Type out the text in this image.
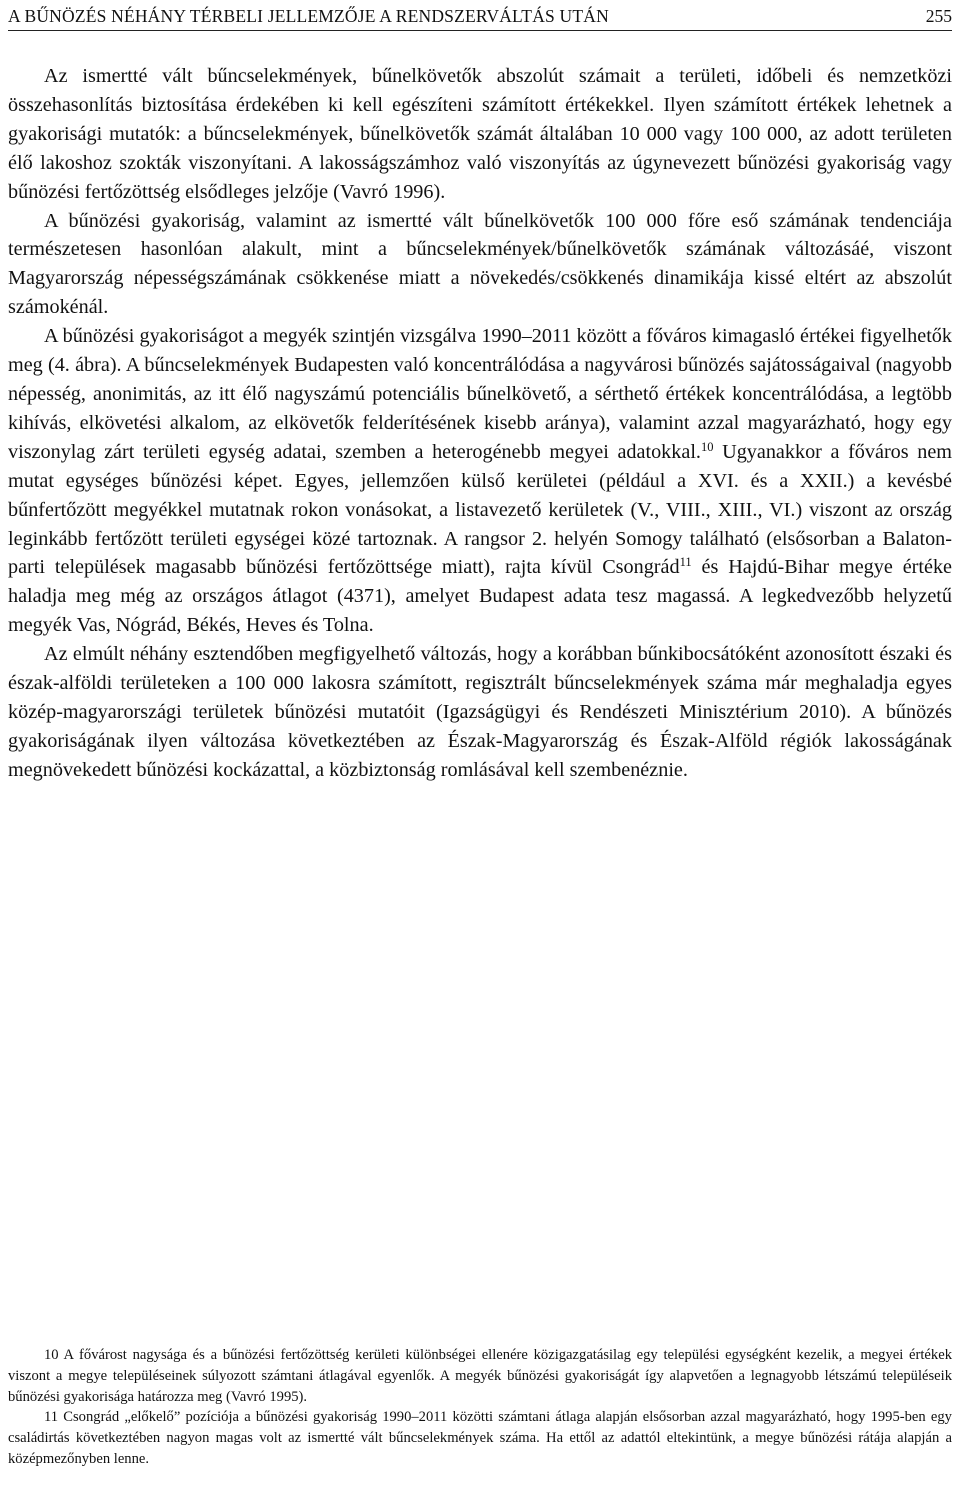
A BŰNÖZÉS NÉHÁNY TÉRBELI JELLEMZŐJE A RENDSZERVÁLTÁS UTÁN	255

Az ismertté vált bűncselekmények, bűnelkövetők abszolút számait a területi, időbeli és nemzetközi összehasonlítás biztosítása érdekében ki kell egészíteni számított értékekkel. Ilyen számított értékek lehetnek a gyakorisági mutatók: a bűncselekmények, bűnelkövetők számát általában 10 000 vagy 100 000, az adott területen élő lakoshoz szokták viszonyítani. A lakosságszámhoz való viszonyítás az úgynevezett bűnözési gyakoriság vagy bűnözési fertőzöttség elsődleges jelzője (Vavró 1996).

A bűnözési gyakoriság, valamint az ismertté vált bűnelkövetők 100 000 főre eső számának tendenciája természetesen hasonlóan alakult, mint a bűncselekmények/bűnelkövetők számának változásáé, viszont Magyarország népességszámának csökkenése miatt a növekedés/csökkenés dinamikája kissé eltért az abszolút számokénál.

A bűnözési gyakoriságot a megyék szintjén vizsgálva 1990–2011 között a főváros kimagasló értékei figyelhetők meg (4. ábra). A bűncselekmények Budapesten való koncentrálódása a nagyvárosi bűnözés sajátosságaival (nagyobb népesség, anonimitás, az itt élő nagyszámú potenciális bűnelkövető, a sérthető értékek koncentrálódása, a legtöbb kihívás, elkövetési alkalom, az elkövetők felderítésének kisebb aránya), valamint azzal magyarázható, hogy egy viszonylag zárt területi egység adatai, szemben a heterogénebb megyei adatokkal.$^{10}$ Ugyanakkor a főváros nem mutat egységes bűnözési képet. Egyes, jellemzően külső kerületei (például a XVI. és a XXII.) a kevésbé bűnfertőzött megyékkel mutatnak rokon vonásokat, a listavezető kerületek (V., VIII., XIII., VI.) viszont az ország leginkább fertőzött területi egységei közé tartoznak. A rangsor 2. helyén Somogy található (elsősorban a Balaton-parti települések magasabb bűnözési fertőzöttsége miatt), rajta kívül Csongrád$^{11}$ és Hajdú-Bihar megye értéke haladja meg még az országos átlagot (4371), amelyet Budapest adata tesz magassá. A legkedvezőbb helyzetű megyék Vas, Nógrád, Békés, Heves és Tolna.

Az elmúlt néhány esztendőben megfigyelhető változás, hogy a korábban bűnkibocsátóként azonosított északi és észak-alföldi területeken a 100 000 lakosra számított, regisztrált bűncselekmények száma már meghaladja egyes közép-magyarországi területek bűnözési mutatóit (Igazságügyi és Rendészeti Minisztérium 2010). A bűnözés gyakoriságának ilyen változása következtében az Észak-Magyarország és Észak-Alföld régiók lakosságának megnövekedett bűnözési kockázattal, a közbiztonság romlásával kell szembenéznie.

10 A fővárost nagysága és a bűnözési fertőzöttség kerületi különbségei ellenére közigazgatásilag egy települési egységként kezelik, a megyei értékek viszont a megye településeinek súlyozott számtani átlagával egyenlők. A megyék bűnözési gyakoriságát így alapvetően a legnagyobb létszámú településeik bűnözési gyakorisága határozza meg (Vavró 1995).

11 Csongrád „előkelő” pozíciója a bűnözési gyakoriság 1990–2011 közötti számtani átlaga alapján elsősorban azzal magyarázható, hogy 1995-ben egy családirtás következtében nagyon magas volt az ismertté vált bűncselekmények száma. Ha ettől az adattól eltekintünk, a megye bűnözési rátája alapján a középmezőnyben lenne.
